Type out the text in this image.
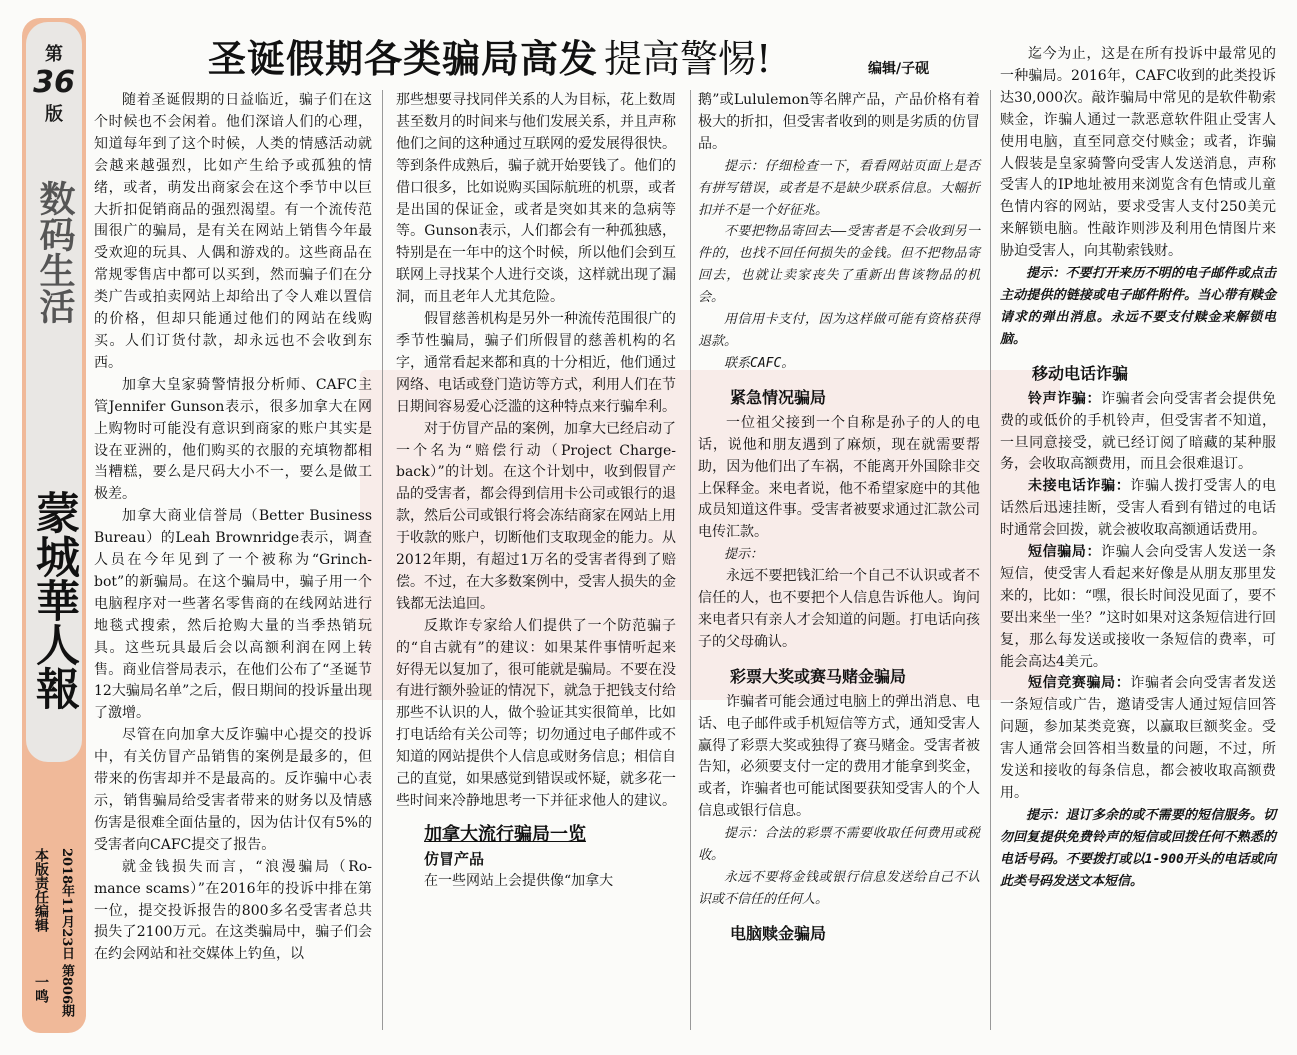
第
36
版
数码生活
蒙城華人報
本版责任编辑 2018年11月23日 第806期
一鸣
圣诞假期各类骗局高发 提高警惕!	编辑/子砚

随着圣诞假期的日益临近，骗子们在这个时候也不会闲着。他们深谙人们的心理，知道每年到了这个时候，人类的情感活动就会越来越强烈，比如产生给予或孤独的情绪，或者，萌发出商家会在这个季节中以巨大折扣促销商品的强烈渴望。有一个流传范围很广的骗局，是有关在网站上销售今年最受欢迎的玩具、人偶和游戏的。这些商品在常规零售店中都可以买到，然而骗子们在分类广告或拍卖网站上却给出了令人难以置信的价格，但却只能通过他们的网站在线购买。人们订货付款，却永远也不会收到东西。

加拿大皇家骑警情报分析师、CAFC主管Jennifer Gunson表示，很多加拿大在网上购物时可能没有意识到商家的账户其实是设在亚洲的，他们购买的衣服的充填物都相当糟糕，要么是尺码大小不一，要么是做工极差。

加拿大商业信誉局（Better Business Bureau）的Leah Brownridge表示，调查人员在今年见到了一个被称为“Grinch-bot”的新骗局。在这个骗局中，骗子用一个电脑程序对一些著名零售商的在线网站进行地毯式搜索，然后抢购大量的当季热销玩具。这些玩具最后会以高额利润在网上转售。商业信誉局表示，在他们公布了“圣诞节12大骗局名单”之后，假日期间的投诉量出现了激增。

尽管在向加拿大反诈骗中心提交的投诉中，有关仿冒产品销售的案例是最多的，但带来的伤害却并不是最高的。反诈骗中心表示，销售骗局给受害者带来的财务以及情感伤害是很难全面估量的，因为估计仅有5%的受害者向CAFC提交了报告。

就金钱损失而言，“浪漫骗局（Ro-mance scams）”在2016年的投诉中排在第一位，提交投诉报告的800多名受害者总共损失了2100万元。在这类骗局中，骗子们会在约会网站和社交媒体上钓鱼，以

那些想要寻找同伴关系的人为目标，花上数周甚至数月的时间来与他们发展关系，并且声称他们之间的这种通过互联网的爱发展得很快。等到条件成熟后，骗子就开始要钱了。他们的借口很多，比如说购买国际航班的机票，或者是出国的保证金，或者是突如其来的急病等等。Gunson表示，人们都会有一种孤独感，特别是在一年中的这个时候，所以他们会到互联网上寻找某个人进行交谈，这样就出现了漏洞，而且老年人尤其危险。

假冒慈善机构是另外一种流传范围很广的季节性骗局，骗子们所假冒的慈善机构的名字，通常看起来都和真的十分相近，他们通过网络、电话或登门造访等方式，利用人们在节日期间容易爱心泛滥的这种特点来行骗牟利。

对于仿冒产品的案例，加拿大已经启动了一个名为“赔偿行动（Project Charge-back）”的计划。在这个计划中，收到假冒产品的受害者，都会得到信用卡公司或银行的退款，然后公司或银行将会冻结商家在网站上用于收款的账户，切断他们支取现金的能力。从2012年期，有超过1万名的受害者得到了赔偿。不过，在大多数案例中，受害人损失的金钱都无法追回。

反欺诈专家给人们提供了一个防范骗子的“自古就有”的建议：如果某件事情听起来好得无以复加了，很可能就是骗局。不要在没有进行额外验证的情况下，就急于把钱支付给那些不认识的人，做个验证其实很简单，比如打电话给有关公司等；切勿通过电子邮件或不知道的网站提供个人信息或财务信息；相信自己的直觉，如果感觉到错误或怀疑，就多花一些时间来冷静地思考一下并征求他人的建议。

加拿大流行骗局一览
仿冒产品

在一些网站上会提供像“加拿大

鹅”或Lululemon等名牌产品，产品价格有着极大的折扣，但受害者收到的则是劣质的仿冒品。

提示：仔细检查一下，看看网站页面上是否有拼写错误，或者是不是缺少联系信息。大幅折扣并不是一个好征兆。

不要把物品寄回去——受害者是不会收到另一件的，也找不回任何损失的金钱。但不把物品寄回去，也就让卖家丧失了重新出售该物品的机会。

用信用卡支付，因为这样做可能有资格获得退款。

联系CAFC。

紧急情况骗局

一位祖父接到一个自称是孙子的人的电话，说他和朋友遇到了麻烦，现在就需要帮助，因为他们出了车祸，不能离开外国除非交上保释金。来电者说，他不希望家庭中的其他成员知道这件事。受害者被要求通过汇款公司电传汇款。

提示：

永远不要把钱汇给一个自己不认识或者不信任的人，也不要把个人信息告诉他人。询问来电者只有亲人才会知道的问题。打电话向孩子的父母确认。

彩票大奖或赛马赌金骗局

诈骗者可能会通过电脑上的弹出消息、电话、电子邮件或手机短信等方式，通知受害人赢得了彩票大奖或独得了赛马赌金。受害者被告知，必须要支付一定的费用才能拿到奖金，或者，诈骗者也可能试图要获知受害人的个人信息或银行信息。

提示：合法的彩票不需要收取任何费用或税收。

永远不要将金钱或银行信息发送给自己不认识或不信任的任何人。

电脑赎金骗局

迄今为止，这是在所有投诉中最常见的一种骗局。2016年，CAFC收到的此类投诉达30,000次。敲诈骗局中常见的是软件勒索赎金，诈骗人通过一款恶意软件阻止受害人使用电脑，直至同意交付赎金；或者，诈骗人假装是皇家骑警向受害人发送消息，声称受害人的IP地址被用来浏览含有色情或儿童色情内容的网站，要求受害人支付250美元来解锁电脑。性敲诈则涉及利用色情图片来胁迫受害人，向其勒索钱财。

提示：不要打开来历不明的电子邮件或点击主动提供的链接或电子邮件附件。当心带有赎金请求的弹出消息。永远不要支付赎金来解锁电脑。

移动电话诈骗

铃声诈骗：诈骗者会向受害者会提供免费的或低价的手机铃声，但受害者不知道，一旦同意接受，就已经订阅了暗藏的某种服务，会收取高额费用，而且会很难退订。

未接电话诈骗：诈骗人拨打受害人的电话然后迅速挂断，受害人看到有错过的电话时通常会回拨，就会被收取高额通话费用。

短信骗局：诈骗人会向受害人发送一条短信，使受害人看起来好像是从朋友那里发来的，比如：“嘿，很长时间没见面了，要不要出来坐一坐？”这时如果对这条短信进行回复，那么每发送或接收一条短信的费率，可能会高达4美元。

短信竞赛骗局：诈骗者会向受害者发送一条短信或广告，邀请受害人通过短信回答问题，参加某类竞赛，以赢取巨额奖金。受害人通常会回答相当数量的问题，不过，所发送和接收的每条信息，都会被收取高额费用。

提示：退订多余的或不需要的短信服务。切勿回复提供免费铃声的短信或回拨任何不熟悉的电话号码。不要拨打或以1-900开头的电话或向此类号码发送文本短信。
